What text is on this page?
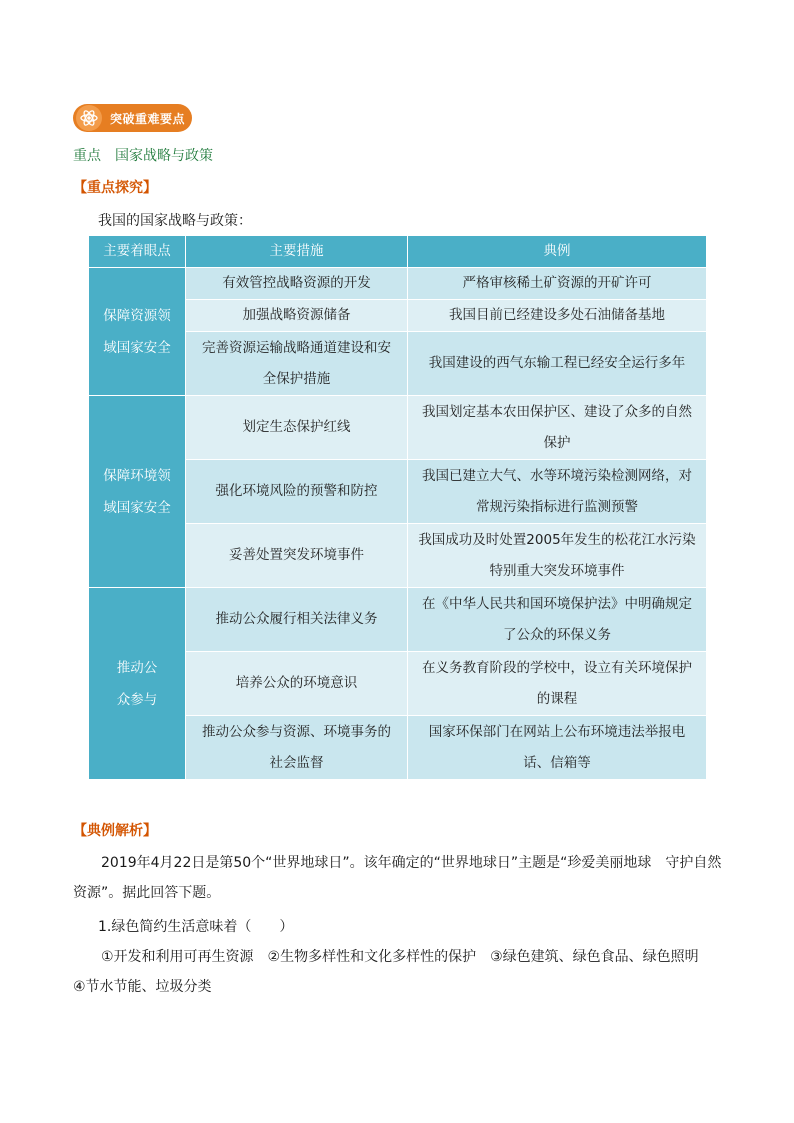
突破重难要点
重点 国家战略与政策
【重点探究】
我国的国家战略与政策：
主要着眼点	主要措施	典例
保障资源领域国家安全	有效管控战略资源的开发	严格审核稀土矿资源的开矿许可
	加强战略资源储备	我国目前已经建设多处石油储备基地
	完善资源运输战略通道建设和安全保护措施	我国建设的西气东输工程已经安全运行多年
保障环境领域国家安全	划定生态保护红线	我国划定基本农田保护区、建设了众多的自然保护
	强化环境风险的预警和防控	我国已建立大气、水等环境污染检测网络，对常规污染指标进行监测预警
	妥善处置突发环境事件	我国成功及时处置2005年发生的松花江水污染特别重大突发环境事件
推动公众参与	推动公众履行相关法律义务	在《中华人民共和国环境保护法》中明确规定了公众的环保义务
	培养公众的环境意识	在义务教育阶段的学校中，设立有关环境保护的课程
	推动公众参与资源、环境事务的社会监督	国家环保部门在网站上公布环境违法举报电话、信箱等
【典例解析】
2019年4月22日是第50个“世界地球日”。该年确定的“世界地球日”主题是“珍爱美丽地球　守护自然资源”。据此回答下题。
1.绿色简约生活意味着（　　）
①开发和利用可再生资源　②生物多样性和文化多样性的保护　③绿色建筑、绿色食品、绿色照明　④节水节能、垃圾分类
